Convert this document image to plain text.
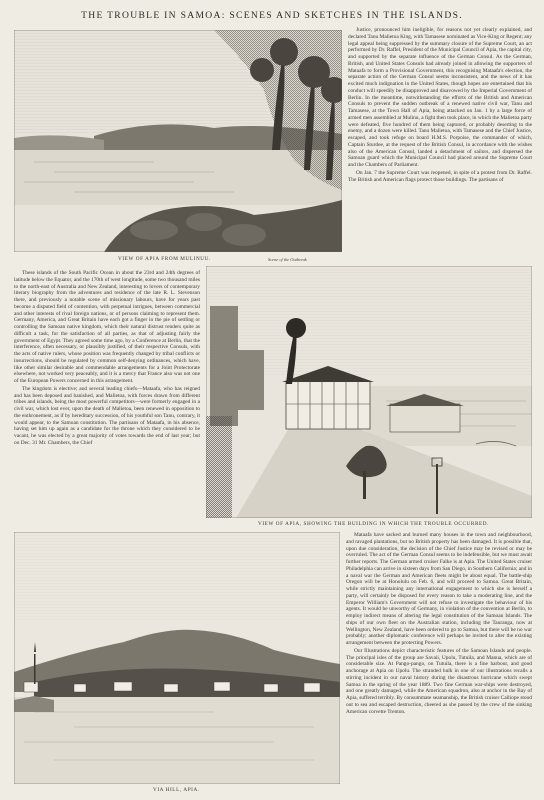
THE TROUBLE IN SAMOA: SCENES AND SKETCHES IN THE ISLANDS.
VIEW OF APIA FROM MULINUU.	Scene of the Outbreak

Justice, pronounced him ineligible, for reasons not yet clearly explained, and declared Tanu Malietoa King, with Tamasese nominated as Vice-King or Regent; any legal appeal being suppressed by the summary closure of the Supreme Court, an act performed by Dr. Raffel, President of the Municipal Council of Apia, the capital city, and supported by the separate influence of the German Consul. As the German, British, and United States Consuls had already joined in allowing the supporters of Mataafa to form a Provisional Government, this recognising Mataafa's election, the separate action of the German Consul seems inconsistent, and the news of it has excited much indignation in the United States, though hopes are entertained that his conduct will speedily be disapproved and disavowed by the Imperial Government of Berlin. In the meantime, notwithstanding the efforts of the British and American Consuls to prevent the sudden outbreak of a renewed native civil war, Tanu and Tamasese, at the Town Hall of Apia, being attacked on Jan. 1 by a large force of armed men assembled at Mulinu, a fight then took place, in which the Malietoa party were defeated, five hundred of them being captured, or probably deserting to the enemy, and a dozen were killed. Tanu Malietoa, with Tamasese and the Chief Justice, escaped, and took refuge on board H.M.S. Porpoise, the commander of which, Captain Sturdee, at the request of the British Consul, in accordance with the wishes also of the American Consul, landed a detachment of sailors, and dispersed the Samoan guard which the Municipal Council had placed around the Supreme Court and the Chambers of Parliament.

On Jan. 7 the Supreme Court was reopened, in spite of a protest from Dr. Raffel. The British and American flags protect those buildings. The partisans of

These islands of the South Pacific Ocean in about the 23rd and 24th degrees of latitude below the Equator, and the 170th of west longitude, some two thousand miles to the north-east of Australia and New Zealand, interesting to lovers of contemporary literary biography from the adventures and residence of the late R. L. Stevenson there, and previously a notable scene of missionary labours, have for years past become a disputed field of contention, with perpetual intrigues, between commercial and other interests of rival foreign nations, or of persons claiming to represent them. Germany, America, and Great Britain have each got a finger in the pie of settling or controlling the Samoan native kingdom, which their natural distrust renders quite as difficult a task, for the satisfaction of all parties, as that of adjusting fairly the government of Egypt. They agreed some time ago, by a Conference at Berlin, that the interference, often necessary, or plausibly justified, of their respective Consuls, with the acts of native rulers, whose position was frequently changed by tribal conflicts or insurrections, should be regulated by common self-denying ordinances, which have, like other similar desirable and commendable arrangements for a Joint Protectorate elsewhere, not worked very peaceably, and it is a mercy that France also was not one of the European Powers concerned in this arrangement.

The kingdom is elective; and several leading chiefs—Mataafa, who has reigned and has been deposed and banished, and Malietoa, with forces drawn from different tribes and islands, being the most powerful competitors—were formerly engaged in a civil war, which lost ever, upon the death of Malietoa, been renewed in opposition to the enthronement, as if by hereditary succession, of his youthful son Tanu, contrary, it would appear, to the Samoan constitution. The partisans of Mataafa, in his absence, having set him up again as a candidate for the throne which they considered to be vacant, he was elected by a great majority of votes towards the end of last year; but on Dec. 31 Mr. Chambers, the Chief

VIEW OF APIA, SHOWING THE BUILDING IN WHICH THE TROUBLE OCCURRED.
VIA HILL, APIA.

Mataafa have sacked and burned many houses in the town and neighbourhood, and ravaged plantations, but no British property has been damaged. It is possible that, upon due consideration, the decision of the Chief Justice may be revised or may be overruled. The act of the German Consul seems to be indefensible, but we must await further reports. The German armed cruiser Falke is at Apia. The United States cruiser Philadelphia can arrive in sixteen days from San Diego, in Southern California; and in a naval war the German and American fleets might be about equal. The battle-ship Oregon will be at Honolulu on Feb. 6, and will proceed to Samoa. Great Britain, while strictly maintaining any international engagement to which she is herself a party, will certainly be disposed for every reason to take a moderating line, and the Emperor William's Government will not refuse to investigate the behaviour of his agents. It would be unworthy of Germany, in violation of the convention at Berlin, to employ indirect means of altering the legal constitution of the Samoan Islands. The ships of our own fleet on the Australian station, including the Tauranga, now at Wellington, New Zealand, have been ordered to go to Samoa, but there will be no war probably; another diplomatic conference will perhaps be invited to alter the existing arrangement between the protecting Powers.

Our Illustrations depict characteristic features of the Samoan Islands and people. The principal isles of the group are Savaii, Upolu, Tutuila, and Manua, which are of considerable size. At Pango-pango, on Tutuila, there is a fine harbour, and good anchorage at Apia on Upolu. The stranded hulk in one of our illustrations recalls a stirring incident in our naval history during the disastrous hurricane which swept Samoa in the spring of the year 1889. Two fine German war-ships were destroyed, and one greatly damaged, while the American squadron, also at anchor in the Bay of Apia, suffered terribly. By consummate seamanship, the British cruiser Calliope stood out to sea and escaped destruction, cheered as she passed by the crew of the sinking American corvette Trenton.
